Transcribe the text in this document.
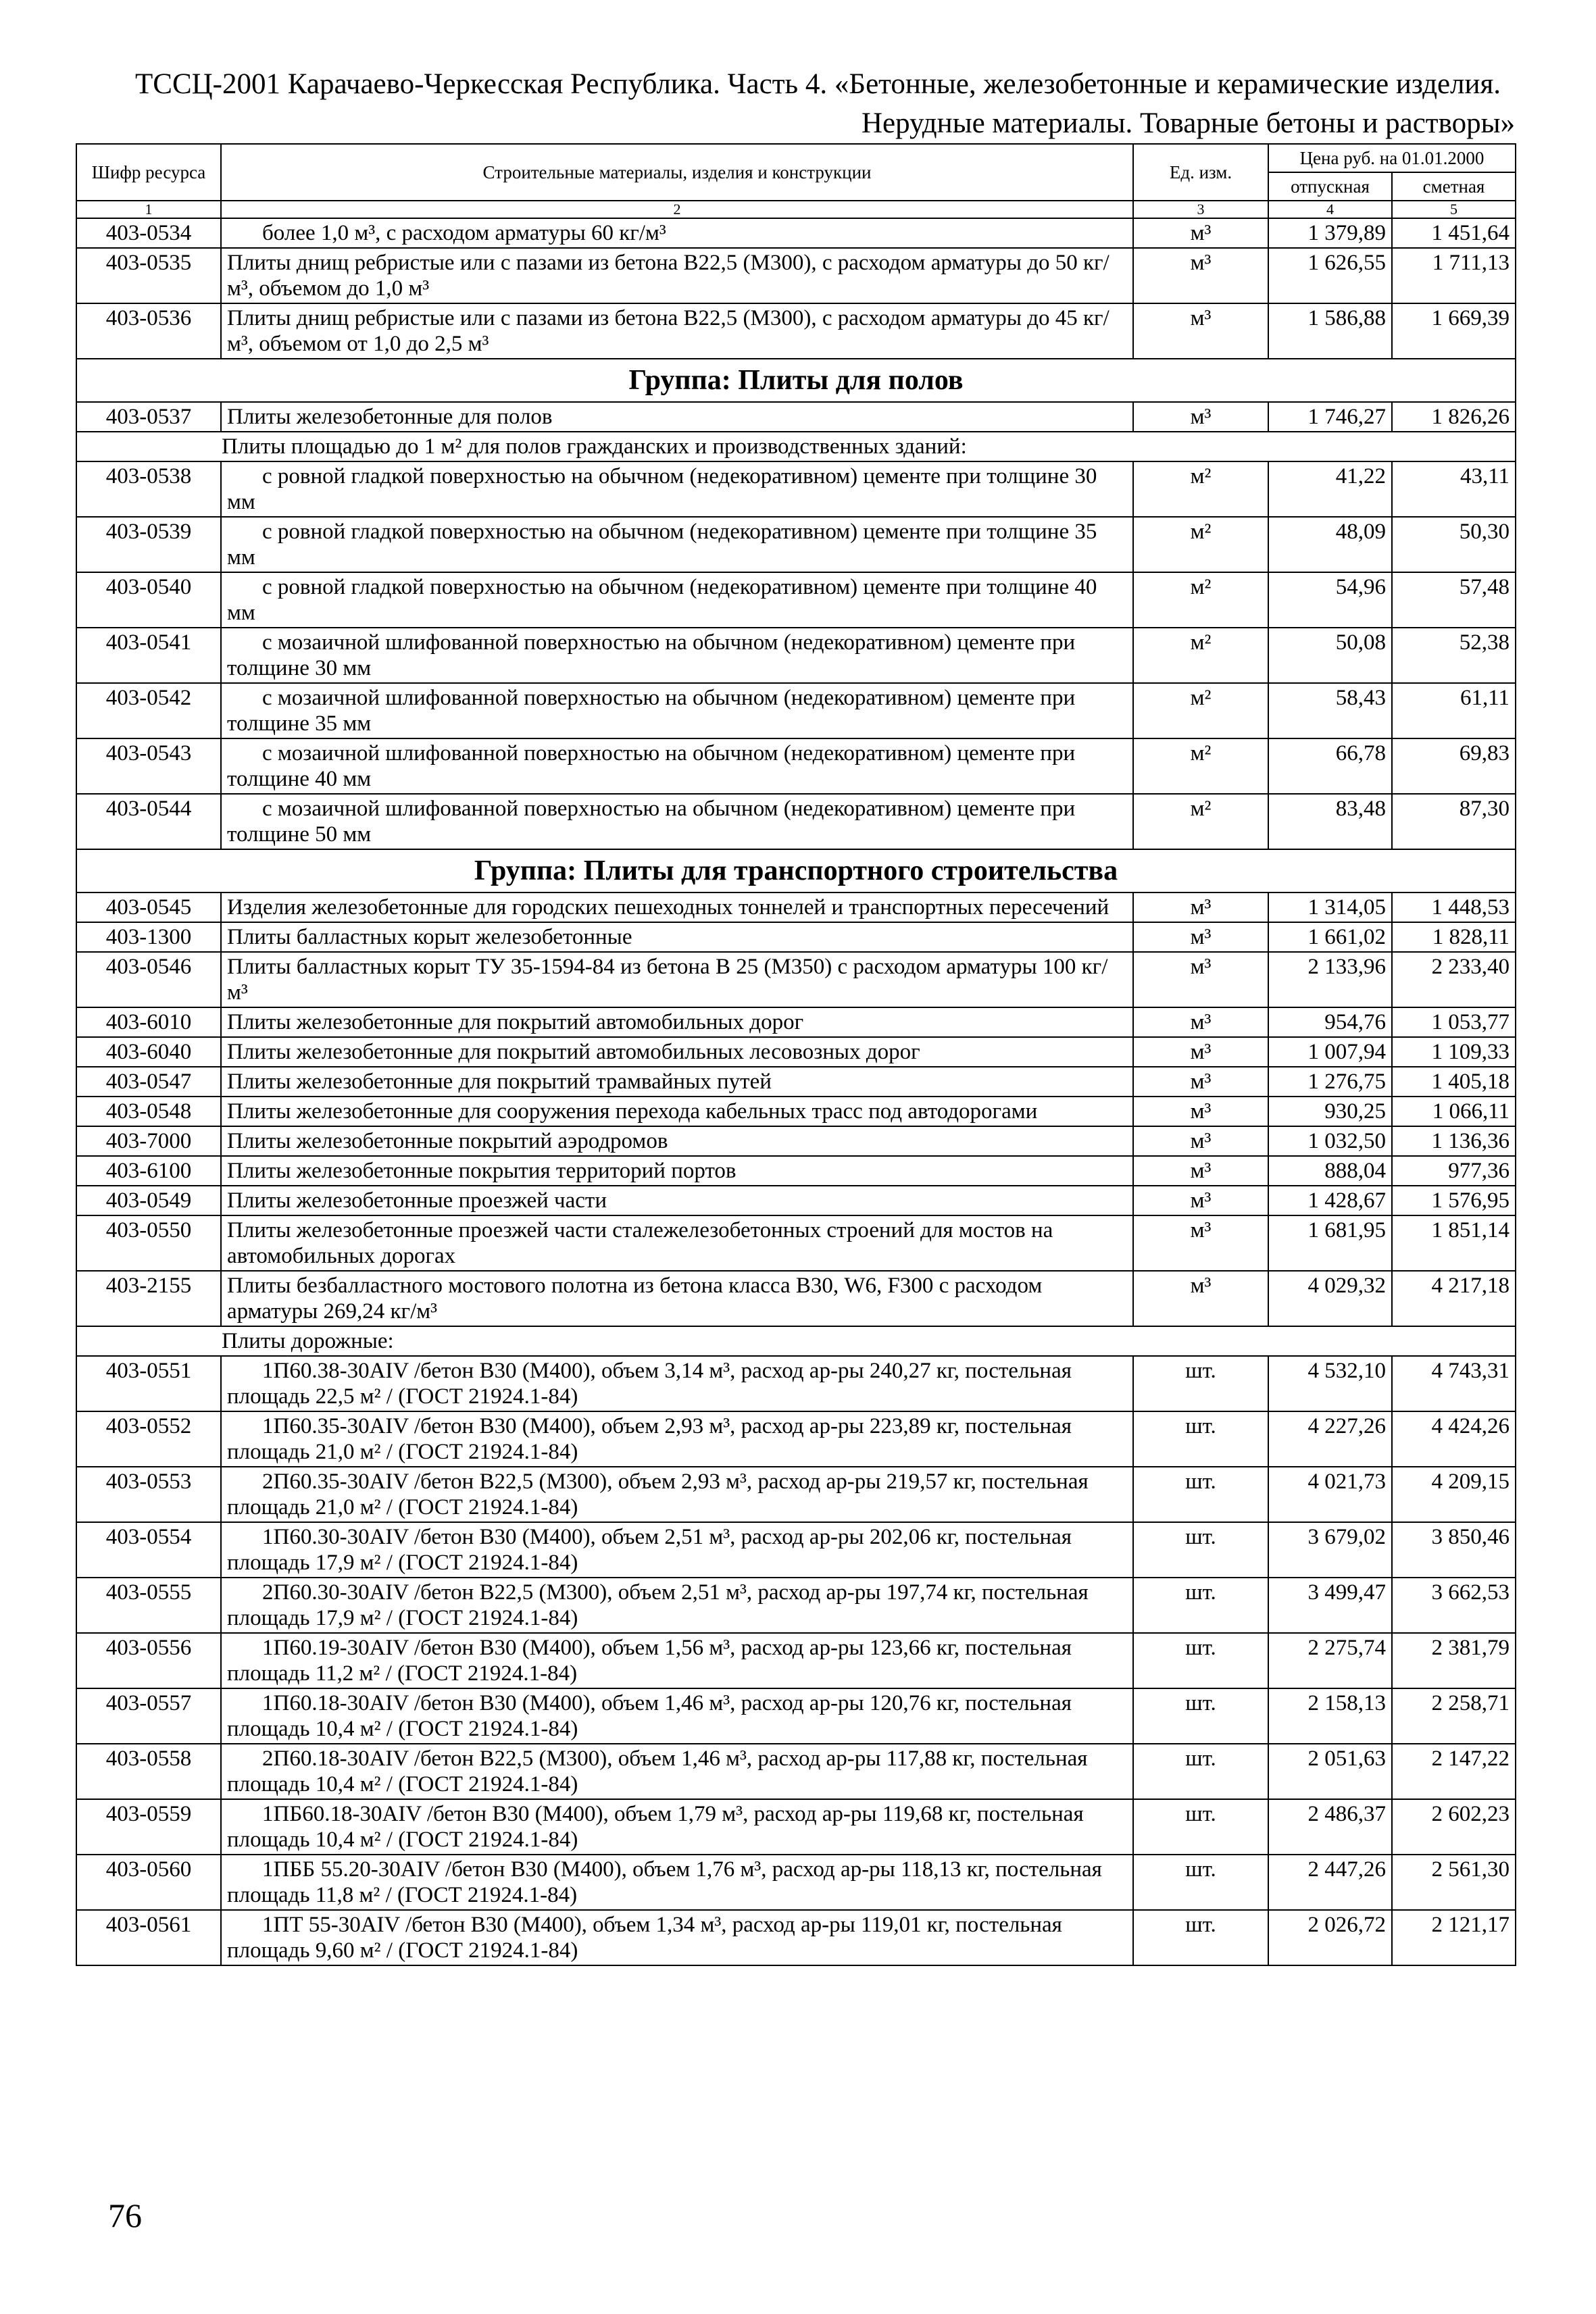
ТССЦ-2001 Карачаево-Черкесская Республика. Часть 4. «Бетонные, железобетонные и керамические изделия.
Нерудные материалы. Товарные бетоны и растворы»
Шифр ресурса	Строительные материалы, изделия и конструкции	Ед. изм.	Цена руб. на 01.01.2000	
			отпускная	сметная
1	2	3	4	5
403-0534	более 1,0 м³, с расходом арматуры 60 кг/м³	м³	1 379,89	1 451,64
403-0535	Плиты днищ ребристые или с пазами из бетона В22,5 (М300), с расходом арматуры до 50 кг/м³, объемом до 1,0 м³	м³	1 626,55	1 711,13
403-0536	Плиты днищ ребристые или с пазами из бетона В22,5 (М300), с расходом арматуры до 45 кг/м³, объемом от 1,0 до 2,5 м³	м³	1 586,88	1 669,39
Группа: Плиты для полов				
403-0537	Плиты железобетонные для полов	м³	1 746,27	1 826,26
Плиты площадью до 1 м² для полов гражданских и производственных зданий:				
403-0538	с ровной гладкой поверхностью на обычном (недекоративном) цементе при толщине 30 мм	м²	41,22	43,11
403-0539	с ровной гладкой поверхностью на обычном (недекоративном) цементе при толщине 35 мм	м²	48,09	50,30
403-0540	с ровной гладкой поверхностью на обычном (недекоративном) цементе при толщине 40 мм	м²	54,96	57,48
403-0541	с мозаичной шлифованной поверхностью на обычном (недекоративном) цементе при толщине 30 мм	м²	50,08	52,38
403-0542	с мозаичной шлифованной поверхностью на обычном (недекоративном) цементе при толщине 35 мм	м²	58,43	61,11
403-0543	с мозаичной шлифованной поверхностью на обычном (недекоративном) цементе при толщине 40 мм	м²	66,78	69,83
403-0544	с мозаичной шлифованной поверхностью на обычном (недекоративном) цементе при толщине 50 мм	м²	83,48	87,30
Группа: Плиты для транспортного строительства				
403-0545	Изделия железобетонные для городских пешеходных тоннелей и транспортных пересечений	м³	1 314,05	1 448,53
403-1300	Плиты балластных корыт железобетонные	м³	1 661,02	1 828,11
403-0546	Плиты балластных корыт ТУ 35-1594-84 из бетона В 25 (М350) с расходом арматуры 100 кг/м³	м³	2 133,96	2 233,40
403-6010	Плиты железобетонные для покрытий автомобильных дорог	м³	954,76	1 053,77
403-6040	Плиты железобетонные для покрытий автомобильных лесовозных дорог	м³	1 007,94	1 109,33
403-0547	Плиты железобетонные для покрытий трамвайных путей	м³	1 276,75	1 405,18
403-0548	Плиты железобетонные для сооружения перехода кабельных трасс под автодорогами	м³	930,25	1 066,11
403-7000	Плиты железобетонные покрытий аэродромов	м³	1 032,50	1 136,36
403-6100	Плиты железобетонные покрытия территорий портов	м³	888,04	977,36
403-0549	Плиты железобетонные проезжей части	м³	1 428,67	1 576,95
403-0550	Плиты железобетонные проезжей части сталежелезобетонных строений для мостов на автомобильных дорогах	м³	1 681,95	1 851,14
403-2155	Плиты безбалластного мостового полотна из бетона класса В30, W6, F300 с расходом арматуры 269,24 кг/м³	м³	4 029,32	4 217,18
Плиты дорожные:				
403-0551	1П60.38-30AIV /бетон В30 (М400), объем 3,14 м³, расход ар-ры 240,27 кг, постельная площадь 22,5 м² / (ГОСТ 21924.1-84)	шт.	4 532,10	4 743,31
403-0552	1П60.35-30AIV /бетон В30 (М400), объем 2,93 м³, расход ар-ры 223,89 кг, постельная площадь 21,0 м² / (ГОСТ 21924.1-84)	шт.	4 227,26	4 424,26
403-0553	2П60.35-30AIV /бетон В22,5 (М300), объем 2,93 м³, расход ар-ры 219,57 кг, постельная площадь 21,0 м² / (ГОСТ 21924.1-84)	шт.	4 021,73	4 209,15
403-0554	1П60.30-30AIV /бетон В30 (М400), объем 2,51 м³, расход ар-ры 202,06 кг, постельная площадь 17,9 м² / (ГОСТ 21924.1-84)	шт.	3 679,02	3 850,46
403-0555	2П60.30-30AIV /бетон В22,5 (М300), объем 2,51 м³, расход ар-ры 197,74 кг, постельная площадь 17,9 м² / (ГОСТ 21924.1-84)	шт.	3 499,47	3 662,53
403-0556	1П60.19-30AIV /бетон В30 (М400), объем 1,56 м³, расход ар-ры 123,66 кг, постельная площадь 11,2 м² / (ГОСТ 21924.1-84)	шт.	2 275,74	2 381,79
403-0557	1П60.18-30AIV /бетон В30 (М400), объем 1,46 м³, расход ар-ры 120,76 кг, постельная площадь 10,4 м² / (ГОСТ 21924.1-84)	шт.	2 158,13	2 258,71
403-0558	2П60.18-30AIV /бетон В22,5 (М300), объем 1,46 м³, расход ар-ры 117,88 кг, постельная площадь 10,4 м² / (ГОСТ 21924.1-84)	шт.	2 051,63	2 147,22
403-0559	1ПБ60.18-30AIV /бетон В30 (М400), объем 1,79 м³, расход ар-ры 119,68 кг, постельная площадь 10,4 м² / (ГОСТ 21924.1-84)	шт.	2 486,37	2 602,23
403-0560	1ПББ 55.20-30AIV /бетон В30 (М400), объем 1,76 м³, расход ар-ры 118,13 кг, постельная площадь 11,8 м² / (ГОСТ 21924.1-84)	шт.	2 447,26	2 561,30
403-0561	1ПТ 55-30AIV /бетон В30 (М400), объем 1,34 м³, расход ар-ры 119,01 кг, постельная площадь 9,60 м² / (ГОСТ 21924.1-84)	шт.	2 026,72	2 121,17
76
